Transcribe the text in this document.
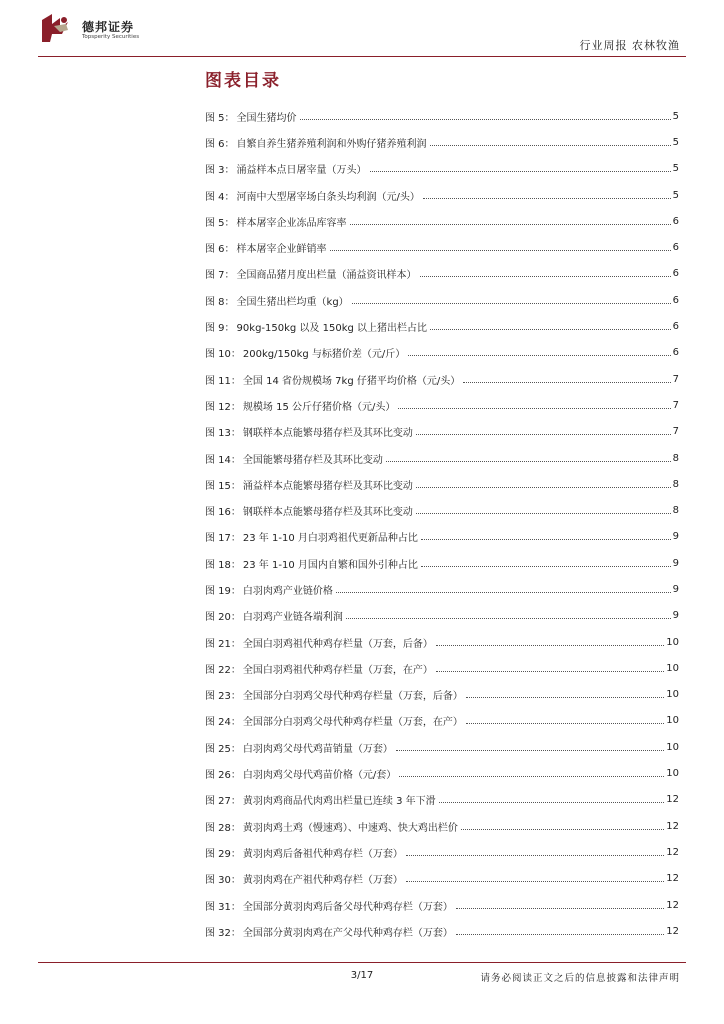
德邦证券
Topsperity Securities
行业周报 农林牧渔
图表目录
图 5： 全国生猪均价	5
图 6： 自繁自养生猪养殖利润和外购仔猪养殖利润	5
图 3： 涌益样本点日屠宰量（万头）	5
图 4： 河南中大型屠宰场白条头均利润（元/头）	5
图 5： 样本屠宰企业冻品库容率	6
图 6： 样本屠宰企业鲜销率	6
图 7： 全国商品猪月度出栏量（涌益资讯样本）	6
图 8： 全国生猪出栏均重（kg）	6
图 9： 90kg-150kg 以及 150kg 以上猪出栏占比	6
图 10： 200kg/150kg 与标猪价差（元/斤）	6
图 11： 全国 14 省份规模场 7kg 仔猪平均价格（元/头）	7
图 12： 规模场 15 公斤仔猪价格（元/头）	7
图 13： 钢联样本点能繁母猪存栏及其环比变动	7
图 14： 全国能繁母猪存栏及其环比变动	8
图 15： 涌益样本点能繁母猪存栏及其环比变动	8
图 16： 钢联样本点能繁母猪存栏及其环比变动	8
图 17： 23 年 1-10 月白羽鸡祖代更新品种占比	9
图 18： 23 年 1-10 月国内自繁和国外引种占比	9
图 19： 白羽肉鸡产业链价格	9
图 20： 白羽鸡产业链各端利润	9
图 21： 全国白羽鸡祖代种鸡存栏量（万套，后备）	10
图 22： 全国白羽鸡祖代种鸡存栏量（万套，在产）	10
图 23： 全国部分白羽鸡父母代种鸡存栏量（万套，后备）	10
图 24： 全国部分白羽鸡父母代种鸡存栏量（万套，在产）	10
图 25： 白羽肉鸡父母代鸡苗销量（万套）	10
图 26： 白羽肉鸡父母代鸡苗价格（元/套）	10
图 27： 黄羽肉鸡商品代肉鸡出栏量已连续 3 年下滑	12
图 28： 黄羽肉鸡土鸡（慢速鸡）、中速鸡、快大鸡出栏价	12
图 29： 黄羽肉鸡后备祖代种鸡存栏（万套）	12
图 30： 黄羽肉鸡在产祖代种鸡存栏（万套）	12
图 31： 全国部分黄羽肉鸡后备父母代种鸡存栏（万套）	12
图 32： 全国部分黄羽肉鸡在产父母代种鸡存栏（万套）	12
3/17	请务必阅读正文之后的信息披露和法律声明
